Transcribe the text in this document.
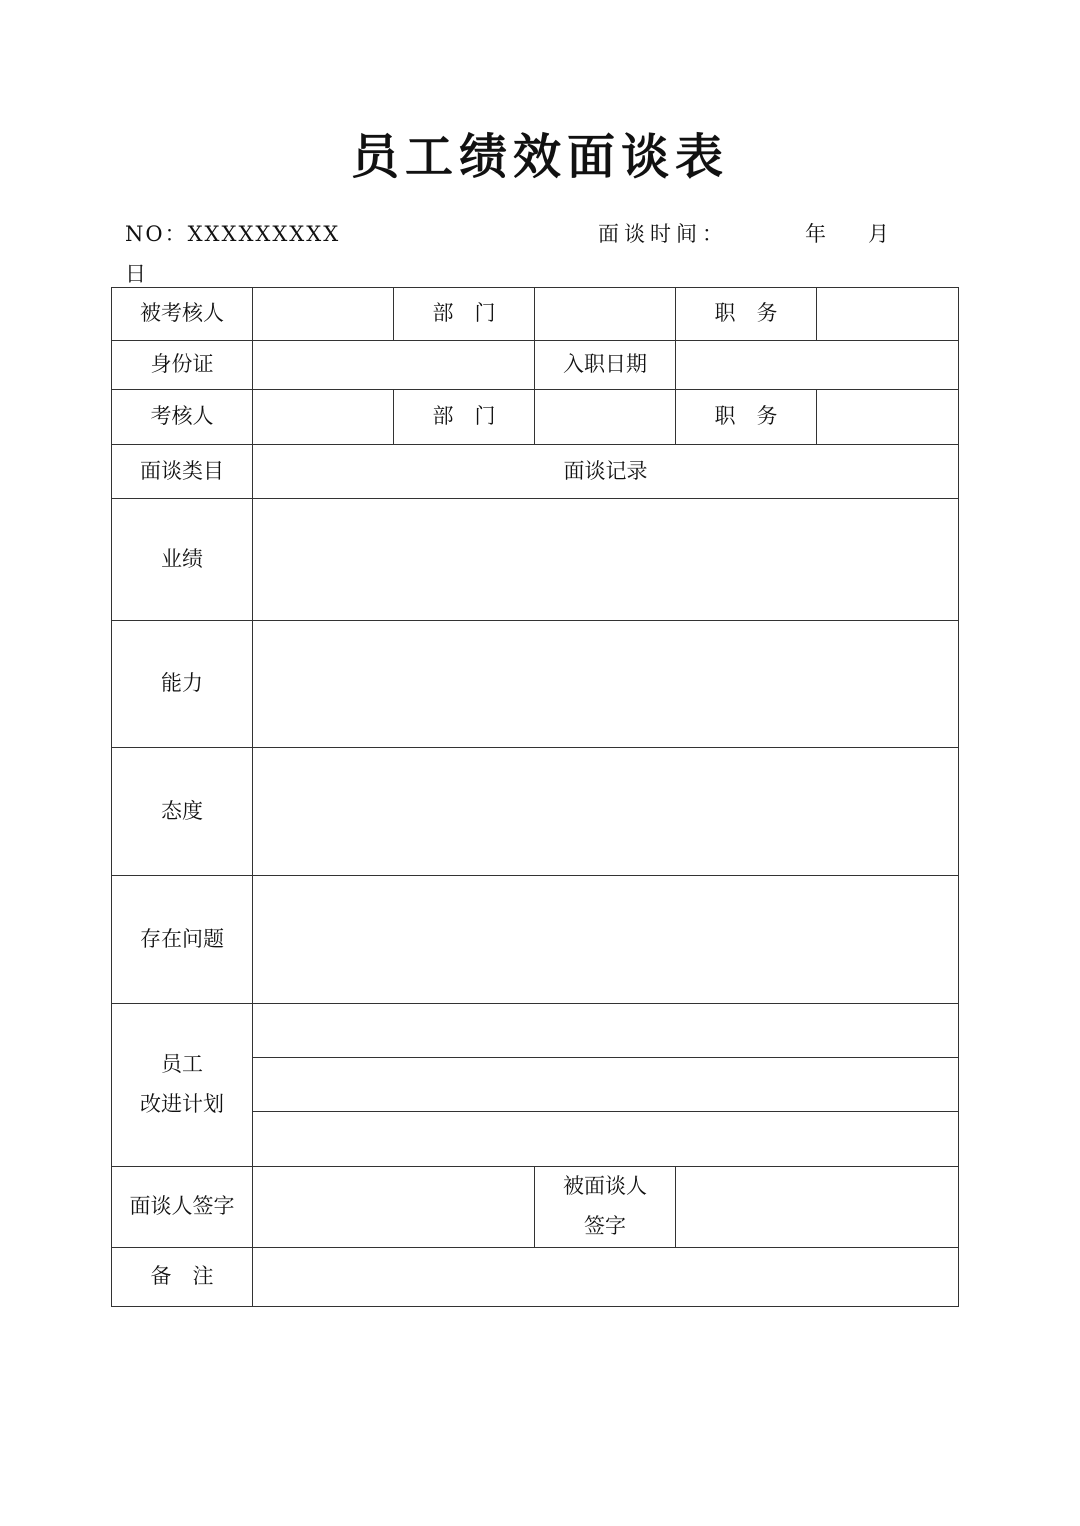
员工绩效面谈表
NO：XXXXXXXXX	面谈时间：	年 月
日
被考核人		部　门		职　务	
身份证			入职日期		
考核人		部　门		职　务	
面谈类目	面谈记录				
业绩					
能力					
态度					
存在问题					

员工
改进计划					

面谈人签字			被面谈人
签字		

备　注					
